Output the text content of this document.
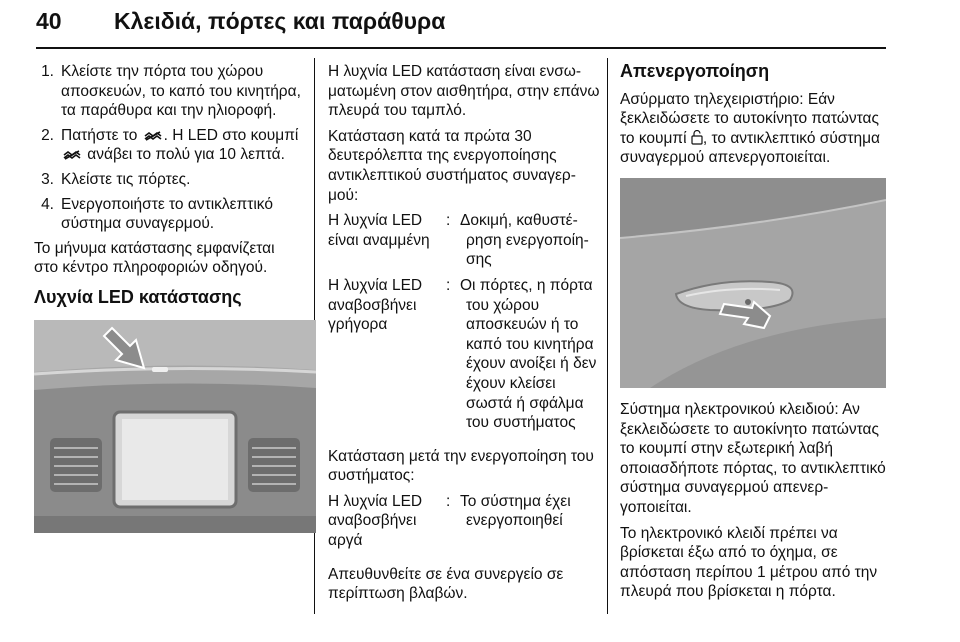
40 Κλειδιά, πόρτες και παράθυρα
1. Κλείστε την πόρτα του χώρου αποσκευών, το καπό του κινητήρα, τα παράθυρα και την ηλιοροφή.
2. Πατήστε το . Η LED στο κουμπί  ανάβει το πολύ για 10 λεπτά.
3. Κλείστε τις πόρτες.
4. Ενεργοποιήστε το αντικλεπτικό σύστημα συναγερμού.

Το μήνυμα κατάστασης εμφανίζεται στο κέντρο πληροφοριών οδηγού.

Λυχνία LED κατάστασης

Η λυχνία LED κατάσταση είναι ενσωματωμένη στον αισθητήρα, στην επάνω πλευρά του ταμπλό.

Κατάσταση κατά τα πρώτα 30 δευτερόλεπτα της ενεργοποίησης αντικλεπτικού συστήματος συναγερμού:

Η λυχνία LED είναι αναμμένη
: Δοκιμή, καθυστέρηση ενεργοποίησης
Η λυχνία LED αναβοσβήνει γρήγορα
: Οι πόρτες, η πόρτα του χώρου αποσκευών ή το καπό του κινητήρα έχουν ανοίξει ή δεν έχουν κλείσει σωστά ή σφάλμα του συστήματος

Κατάσταση μετά την ενεργοποίηση του συστήματος:

Η λυχνία LED αναβοσβήνει αργά
: Το σύστημα έχει ενεργοποιηθεί

Απευθυνθείτε σε ένα συνεργείο σε περίπτωση βλαβών.

Απενεργοποίηση

Ασύρματο τηλεχειριστήριο: Εάν ξεκλειδώσετε το αυτοκίνητο πατώντας το κουμπί , το αντικλεπτικό σύστημα συναγερμού απενεργοποιείται.

Σύστημα ηλεκτρονικού κλειδιού: Αν ξεκλειδώσετε το αυτοκίνητο πατώντας το κουμπί στην εξωτερική λαβή οποιασδήποτε πόρτας, το αντικλεπτικό σύστημα συναγερμού απενεργοποιείται.

Το ηλεκτρονικό κλειδί πρέπει να βρίσκεται έξω από το όχημα, σε απόσταση περίπου 1 μέτρου από την πλευρά που βρίσκεται η πόρτα.
